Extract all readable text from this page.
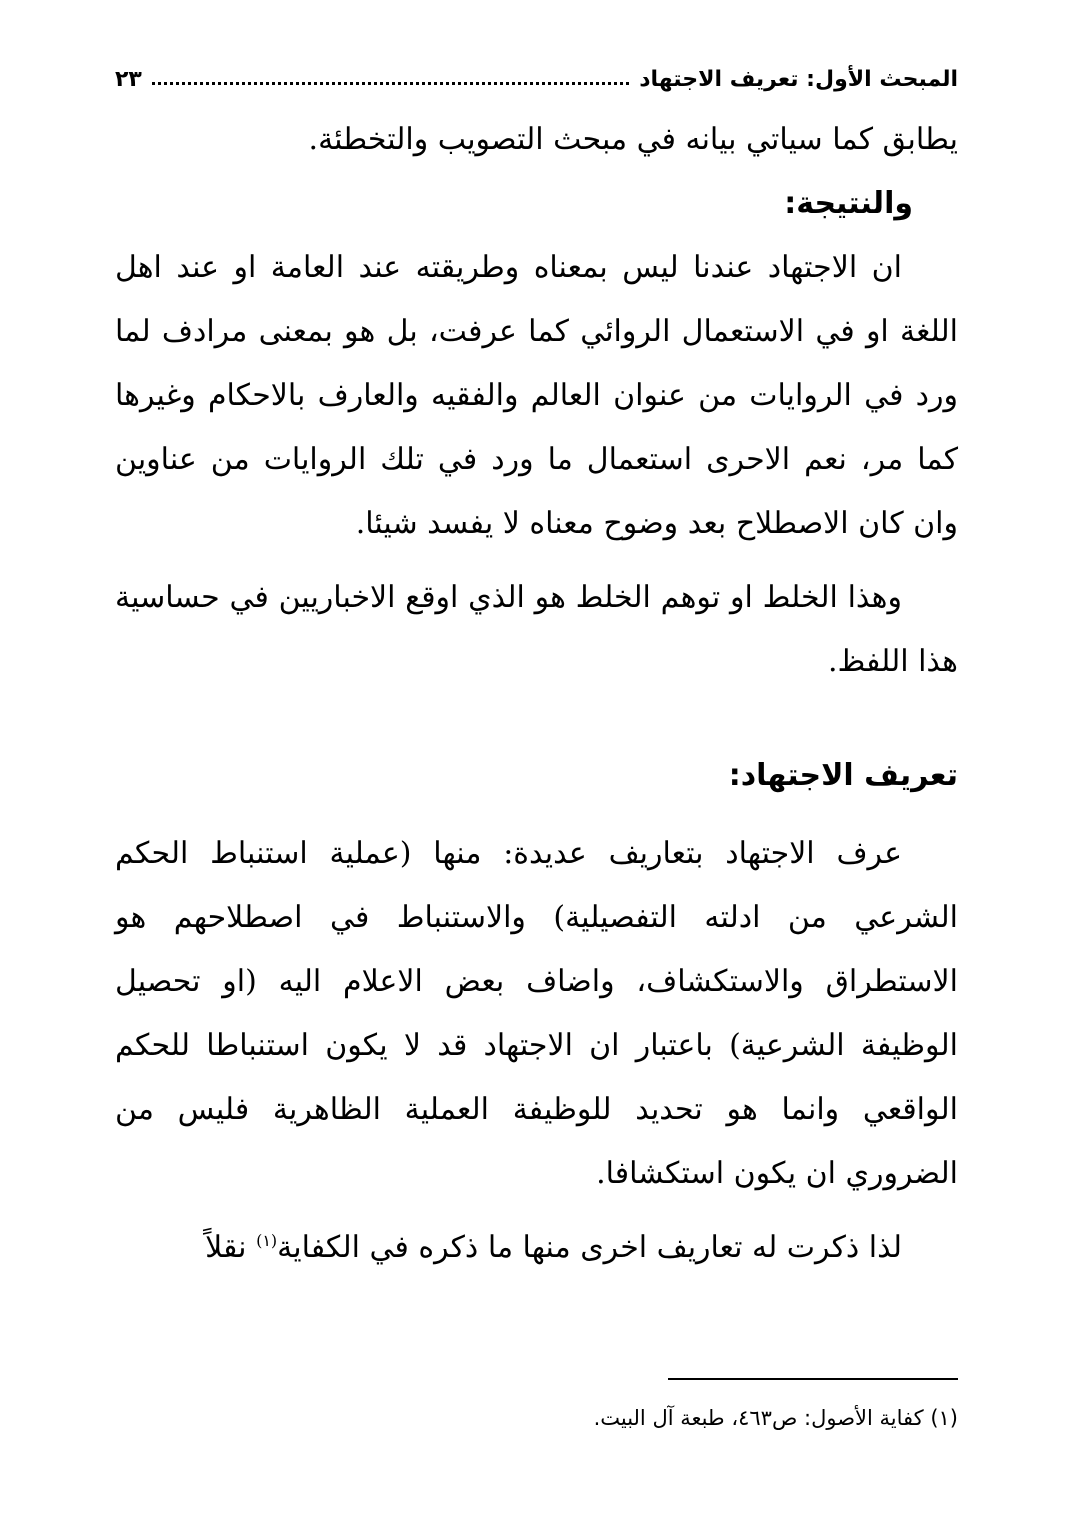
المبحث الأول: تعريف الاجتهاد
٢٣

يطابق كما سياتي بيانه في مبحث التصويب والتخطئة.

والنتيجة:

ان الاجتهاد عندنا ليس بمعناه وطريقته عند العامة او عند اهل اللغة او في الاستعمال الروائي كما عرفت، بل هو بمعنى مرادف لما ورد في الروايات من عنوان العالم والفقيه والعارف بالاحكام وغيرها كما مر، نعم الاحرى استعمال ما ورد في تلك الروايات من عناوين وان كان الاصطلاح بعد وضوح معناه لا يفسد شيئا.

وهذا الخلط او توهم الخلط هو الذي اوقع الاخباريين في حساسية هذا اللفظ.

تعريف الاجتهاد:

عرف الاجتهاد بتعاريف عديدة: منها (عملية استنباط الحكم الشرعي من ادلته التفصيلية) والاستنباط في اصطلاحهم هو الاستطراق والاستكشاف، واضاف بعض الاعلام اليه (او تحصيل الوظيفة الشرعية) باعتبار ان الاجتهاد قد لا يكون استنباطا للحكم الواقعي وانما هو تحديد للوظيفة العملية الظاهرية فليس من الضروري ان يكون استكشافا.

لذا ذكرت له تعاريف اخرى منها ما ذكره في الكفاية$^{(١)}$ نقلاً

(١) كفاية الأصول: ص٤٦٣، طبعة آل البيت.
